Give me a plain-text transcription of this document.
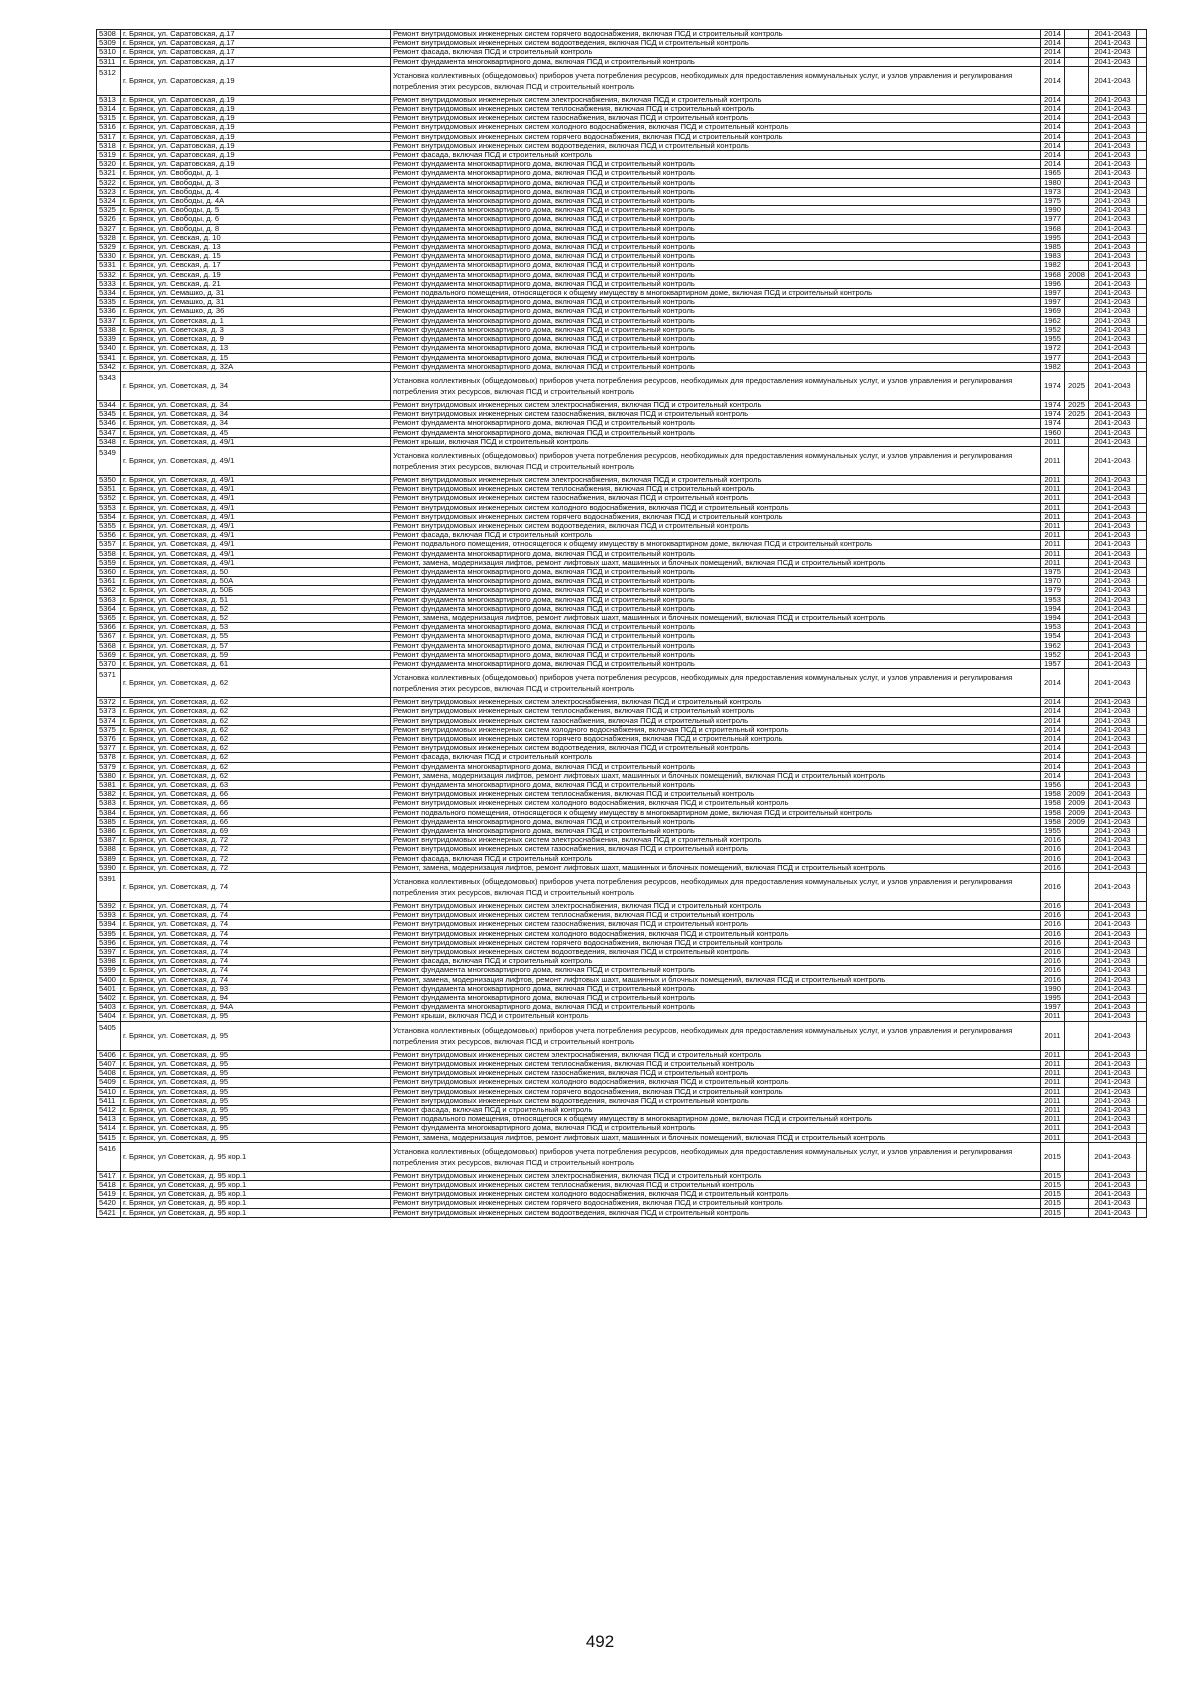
5308	г. Брянск, ул. Саратовская, д.17	Ремонт внутридомовых инженерных систем горячего водоснабжения, включая ПСД и строительный контроль	2014		2041-2043	
5309	г. Брянск, ул. Саратовская, д.17	Ремонт внутридомовых инженерных систем водоотведения, включая ПСД и строительный контроль	2014		2041-2043	
5310	г. Брянск, ул. Саратовская, д.17	Ремонт фасада, включая ПСД и строительный контроль	2014		2041-2043	
5311	г. Брянск, ул. Саратовская, д.17	Ремонт фундамента многоквартирного дома, включая ПСД и строительный контроль	2014		2041-2043	
5312	г. Брянск, ул. Саратовская, д.19	Установка коллективных (общедомовых) приборов учета потребления ресурсов, необходимых для предоставления коммунальных услуг, и узлов управления и регулирования потребления этих ресурсов, включая ПСД и строительный контроль	2014		2041-2043	
5313	г. Брянск, ул. Саратовская, д.19	Ремонт внутридомовых инженерных систем электроснабжения, включая ПСД и строительный контроль	2014		2041-2043	
5314	г. Брянск, ул. Саратовская, д.19	Ремонт внутридомовых инженерных систем теплоснабжения, включая ПСД и строительный контроль	2014		2041-2043	
5315	г. Брянск, ул. Саратовская, д.19	Ремонт внутридомовых инженерных систем газоснабжения, включая ПСД и строительный контроль	2014		2041-2043	
5316	г. Брянск, ул. Саратовская, д.19	Ремонт внутридомовых инженерных систем холодного водоснабжения, включая ПСД и строительный контроль	2014		2041-2043	
5317	г. Брянск, ул. Саратовская, д.19	Ремонт внутридомовых инженерных систем горячего водоснабжения, включая ПСД и строительный контроль	2014		2041-2043	
5318	г. Брянск, ул. Саратовская, д.19	Ремонт внутридомовых инженерных систем водоотведения, включая ПСД и строительный контроль	2014		2041-2043	
5319	г. Брянск, ул. Саратовская, д.19	Ремонт фасада, включая ПСД и строительный контроль	2014		2041-2043	
5320	г. Брянск, ул. Саратовская, д.19	Ремонт фундамента многоквартирного дома, включая ПСД и строительный контроль	2014		2041-2043	
5321	г. Брянск, ул. Свободы, д. 1	Ремонт фундамента многоквартирного дома, включая ПСД и строительный контроль	1965		2041-2043	
5322	г. Брянск, ул. Свободы, д. 3	Ремонт фундамента многоквартирного дома, включая ПСД и строительный контроль	1980		2041-2043	
5323	г. Брянск, ул. Свободы, д. 4	Ремонт фундамента многоквартирного дома, включая ПСД и строительный контроль	1973		2041-2043	
5324	г. Брянск, ул. Свободы, д. 4А	Ремонт фундамента многоквартирного дома, включая ПСД и строительный контроль	1975		2041-2043	
5325	г. Брянск, ул. Свободы, д. 5	Ремонт фундамента многоквартирного дома, включая ПСД и строительный контроль	1990		2041-2043	
5326	г. Брянск, ул. Свободы, д. 6	Ремонт фундамента многоквартирного дома, включая ПСД и строительный контроль	1977		2041-2043	
5327	г. Брянск, ул. Свободы, д. 8	Ремонт фундамента многоквартирного дома, включая ПСД и строительный контроль	1968		2041-2043	
5328	г. Брянск, ул. Севская, д. 10	Ремонт фундамента многоквартирного дома, включая ПСД и строительный контроль	1995		2041-2043	
5329	г. Брянск, ул. Севская, д. 13	Ремонт фундамента многоквартирного дома, включая ПСД и строительный контроль	1985		2041-2043	
5330	г. Брянск, ул. Севская, д. 15	Ремонт фундамента многоквартирного дома, включая ПСД и строительный контроль	1983		2041-2043	
5331	г. Брянск, ул. Севская, д. 17	Ремонт фундамента многоквартирного дома, включая ПСД и строительный контроль	1982		2041-2043	
5332	г. Брянск, ул. Севская, д. 19	Ремонт фундамента многоквартирного дома, включая ПСД и строительный контроль	1968	2008	2041-2043	
5333	г. Брянск, ул. Севская, д. 21	Ремонт фундамента многоквартирного дома, включая ПСД и строительный контроль	1996		2041-2043	
5334	г. Брянск, ул. Семашко, д. 31	Ремонт подвального помещения, относящегося к общему имуществу в многоквартирном доме, включая ПСД и строительный контроль	1997		2041-2043	
5335	г. Брянск, ул. Семашко, д. 31	Ремонт фундамента многоквартирного дома, включая ПСД и строительный контроль	1997		2041-2043	
5336	г. Брянск, ул. Семашко, д. 36	Ремонт фундамента многоквартирного дома, включая ПСД и строительный контроль	1969		2041-2043	
5337	г. Брянск, ул. Советская, д. 1	Ремонт фундамента многоквартирного дома, включая ПСД и строительный контроль	1962		2041-2043	
5338	г. Брянск, ул. Советская, д. 3	Ремонт фундамента многоквартирного дома, включая ПСД и строительный контроль	1952		2041-2043	
5339	г. Брянск, ул. Советская, д. 9	Ремонт фундамента многоквартирного дома, включая ПСД и строительный контроль	1955		2041-2043	
5340	г. Брянск, ул. Советская, д. 13	Ремонт фундамента многоквартирного дома, включая ПСД и строительный контроль	1972		2041-2043	
5341	г. Брянск, ул. Советская, д. 15	Ремонт фундамента многоквартирного дома, включая ПСД и строительный контроль	1977		2041-2043	
5342	г. Брянск, ул. Советская, д. 32А	Ремонт фундамента многоквартирного дома, включая ПСД и строительный контроль	1982		2041-2043	
5343	г. Брянск, ул. Советская, д. 34	Установка коллективных (общедомовых) приборов учета потребления ресурсов, необходимых для предоставления коммунальных услуг, и узлов управления и регулирования потребления этих ресурсов, включая ПСД и строительный контроль	1974	2025	2041-2043	
5344	г. Брянск, ул. Советская, д. 34	Ремонт внутридомовых инженерных систем электроснабжения, включая ПСД и строительный контроль	1974	2025	2041-2043	
5345	г. Брянск, ул. Советская, д. 34	Ремонт внутридомовых инженерных систем газоснабжения, включая ПСД и строительный контроль	1974	2025	2041-2043	
5346	г. Брянск, ул. Советская, д. 34	Ремонт фундамента многоквартирного дома, включая ПСД и строительный контроль	1974		2041-2043	
5347	г. Брянск, ул. Советская, д. 45	Ремонт фундамента многоквартирного дома, включая ПСД и строительный контроль	1960		2041-2043	
5348	г. Брянск, ул. Советская, д. 49/1	Ремонт крыши, включая ПСД и строительный контроль	2011		2041-2043	
5349	г. Брянск, ул. Советская, д. 49/1	Установка коллективных (общедомовых) приборов учета потребления ресурсов, необходимых для предоставления коммунальных услуг, и узлов управления и регулирования потребления этих ресурсов, включая ПСД и строительный контроль	2011		2041-2043	
5350	г. Брянск, ул. Советская, д. 49/1	Ремонт внутридомовых инженерных систем электроснабжения, включая ПСД и строительный контроль	2011		2041-2043	
5351	г. Брянск, ул. Советская, д. 49/1	Ремонт внутридомовых инженерных систем теплоснабжения, включая ПСД и строительный контроль	2011		2041-2043	
5352	г. Брянск, ул. Советская, д. 49/1	Ремонт внутридомовых инженерных систем газоснабжения, включая ПСД и строительный контроль	2011		2041-2043	
5353	г. Брянск, ул. Советская, д. 49/1	Ремонт внутридомовых инженерных систем холодного водоснабжения, включая ПСД и строительный контроль	2011		2041-2043	
5354	г. Брянск, ул. Советская, д. 49/1	Ремонт внутридомовых инженерных систем горячего водоснабжения, включая ПСД и строительный контроль	2011		2041-2043	
5355	г. Брянск, ул. Советская, д. 49/1	Ремонт внутридомовых инженерных систем водоотведения, включая ПСД и строительный контроль	2011		2041-2043	
5356	г. Брянск, ул. Советская, д. 49/1	Ремонт фасада, включая ПСД и строительный контроль	2011		2041-2043	
5357	г. Брянск, ул. Советская, д. 49/1	Ремонт подвального помещения, относящегося к общему имуществу в многоквартирном доме, включая ПСД и строительный контроль	2011		2041-2043	
5358	г. Брянск, ул. Советская, д. 49/1	Ремонт фундамента многоквартирного дома, включая ПСД и строительный контроль	2011		2041-2043	
5359	г. Брянск, ул. Советская, д. 49/1	Ремонт, замена, модернизация лифтов, ремонт лифтовых шахт, машинных и блочных помещений, включая ПСД и строительный контроль	2011		2041-2043	
5360	г. Брянск, ул. Советская, д. 50	Ремонт фундамента многоквартирного дома, включая ПСД и строительный контроль	1975		2041-2043	
5361	г. Брянск, ул. Советская, д. 50А	Ремонт фундамента многоквартирного дома, включая ПСД и строительный контроль	1970		2041-2043	
5362	г. Брянск, ул. Советская, д. 50Б	Ремонт фундамента многоквартирного дома, включая ПСД и строительный контроль	1979		2041-2043	
5363	г. Брянск, ул. Советская, д. 51	Ремонт фундамента многоквартирного дома, включая ПСД и строительный контроль	1953		2041-2043	
5364	г. Брянск, ул. Советская, д. 52	Ремонт фундамента многоквартирного дома, включая ПСД и строительный контроль	1994		2041-2043	
5365	г. Брянск, ул. Советская, д. 52	Ремонт, замена, модернизация лифтов, ремонт лифтовых шахт, машинных и блочных помещений, включая ПСД и строительный контроль	1994		2041-2043	
5366	г. Брянск, ул. Советская, д. 53	Ремонт фундамента многоквартирного дома, включая ПСД и строительный контроль	1953		2041-2043	
5367	г. Брянск, ул. Советская, д. 55	Ремонт фундамента многоквартирного дома, включая ПСД и строительный контроль	1954		2041-2043	
5368	г. Брянск, ул. Советская, д. 57	Ремонт фундамента многоквартирного дома, включая ПСД и строительный контроль	1962		2041-2043	
5369	г. Брянск, ул. Советская, д. 59	Ремонт фундамента многоквартирного дома, включая ПСД и строительный контроль	1952		2041-2043	
5370	г. Брянск, ул. Советская, д. 61	Ремонт фундамента многоквартирного дома, включая ПСД и строительный контроль	1957		2041-2043	
5371	г. Брянск, ул. Советская, д. 62	Установка коллективных (общедомовых) приборов учета потребления ресурсов, необходимых для предоставления коммунальных услуг, и узлов управления и регулирования потребления этих ресурсов, включая ПСД и строительный контроль	2014		2041-2043	
5372	г. Брянск, ул. Советская, д. 62	Ремонт внутридомовых инженерных систем электроснабжения, включая ПСД и строительный контроль	2014		2041-2043	
5373	г. Брянск, ул. Советская, д. 62	Ремонт внутридомовых инженерных систем теплоснабжения, включая ПСД и строительный контроль	2014		2041-2043	
5374	г. Брянск, ул. Советская, д. 62	Ремонт внутридомовых инженерных систем газоснабжения, включая ПСД и строительный контроль	2014		2041-2043	
5375	г. Брянск, ул. Советская, д. 62	Ремонт внутридомовых инженерных систем холодного водоснабжения, включая ПСД и строительный контроль	2014		2041-2043	
5376	г. Брянск, ул. Советская, д. 62	Ремонт внутридомовых инженерных систем горячего водоснабжения, включая ПСД и строительный контроль	2014		2041-2043	
5377	г. Брянск, ул. Советская, д. 62	Ремонт внутридомовых инженерных систем водоотведения, включая ПСД и строительный контроль	2014		2041-2043	
5378	г. Брянск, ул. Советская, д. 62	Ремонт фасада, включая ПСД и строительный контроль	2014		2041-2043	
5379	г. Брянск, ул. Советская, д. 62	Ремонт фундамента многоквартирного дома, включая ПСД и строительный контроль	2014		2041-2043	
5380	г. Брянск, ул. Советская, д. 62	Ремонт, замена, модернизация лифтов, ремонт лифтовых шахт, машинных и блочных помещений, включая ПСД и строительный контроль	2014		2041-2043	
5381	г. Брянск, ул. Советская, д. 63	Ремонт фундамента многоквартирного дома, включая ПСД и строительный контроль	1956		2041-2043	
5382	г. Брянск, ул. Советская, д. 66	Ремонт внутридомовых инженерных систем теплоснабжения, включая ПСД и строительный контроль	1958	2009	2041-2043	
5383	г. Брянск, ул. Советская, д. 66	Ремонт внутридомовых инженерных систем холодного водоснабжения, включая ПСД и строительный контроль	1958	2009	2041-2043	
5384	г. Брянск, ул. Советская, д. 66	Ремонт подвального помещения, относящегося к общему имуществу в многоквартирном доме, включая ПСД и строительный контроль	1958	2009	2041-2043	
5385	г. Брянск, ул. Советская, д. 66	Ремонт фундамента многоквартирного дома, включая ПСД и строительный контроль	1958	2009	2041-2043	
5386	г. Брянск, ул. Советская, д. 69	Ремонт фундамента многоквартирного дома, включая ПСД и строительный контроль	1955		2041-2043	
5387	г. Брянск, ул. Советская, д. 72	Ремонт внутридомовых инженерных систем электроснабжения, включая ПСД и строительный контроль	2016		2041-2043	
5388	г. Брянск, ул. Советская, д. 72	Ремонт внутридомовых инженерных систем газоснабжения, включая ПСД и строительный контроль	2016		2041-2043	
5389	г. Брянск, ул. Советская, д. 72	Ремонт фасада, включая ПСД и строительный контроль	2016		2041-2043	
5390	г. Брянск, ул. Советская, д. 72	Ремонт, замена, модернизация лифтов, ремонт лифтовых шахт, машинных и блочных помещений, включая ПСД и строительный контроль	2016		2041-2043	
5391	г. Брянск, ул. Советская, д. 74	Установка коллективных (общедомовых) приборов учета потребления ресурсов, необходимых для предоставления коммунальных услуг, и узлов управления и регулирования потребления этих ресурсов, включая ПСД и строительный контроль	2016		2041-2043	
5392	г. Брянск, ул. Советская, д. 74	Ремонт внутридомовых инженерных систем электроснабжения, включая ПСД и строительный контроль	2016		2041-2043	
5393	г. Брянск, ул. Советская, д. 74	Ремонт внутридомовых инженерных систем теплоснабжения, включая ПСД и строительный контроль	2016		2041-2043	
5394	г. Брянск, ул. Советская, д. 74	Ремонт внутридомовых инженерных систем газоснабжения, включая ПСД и строительный контроль	2016		2041-2043	
5395	г. Брянск, ул. Советская, д. 74	Ремонт внутридомовых инженерных систем холодного водоснабжения, включая ПСД и строительный контроль	2016		2041-2043	
5396	г. Брянск, ул. Советская, д. 74	Ремонт внутридомовых инженерных систем горячего водоснабжения, включая ПСД и строительный контроль	2016		2041-2043	
5397	г. Брянск, ул. Советская, д. 74	Ремонт внутридомовых инженерных систем водоотведения, включая ПСД и строительный контроль	2016		2041-2043	
5398	г. Брянск, ул. Советская, д. 74	Ремонт фасада, включая ПСД и строительный контроль	2016		2041-2043	
5399	г. Брянск, ул. Советская, д. 74	Ремонт фундамента многоквартирного дома, включая ПСД и строительный контроль	2016		2041-2043	
5400	г. Брянск, ул. Советская, д. 74	Ремонт, замена, модернизация лифтов, ремонт лифтовых шахт, машинных и блочных помещений, включая ПСД и строительный контроль	2016		2041-2043	
5401	г. Брянск, ул. Советская, д. 93	Ремонт фундамента многоквартирного дома, включая ПСД и строительный контроль	1990		2041-2043	
5402	г. Брянск, ул. Советская, д. 94	Ремонт фундамента многоквартирного дома, включая ПСД и строительный контроль	1995		2041-2043	
5403	г. Брянск, ул. Советская, д. 94А	Ремонт фундамента многоквартирного дома, включая ПСД и строительный контроль	1997		2041-2043	
5404	г. Брянск, ул. Советская, д. 95	Ремонт крыши, включая ПСД и строительный контроль	2011		2041-2043	
5405	г. Брянск, ул. Советская, д. 95	Установка коллективных (общедомовых) приборов учета потребления ресурсов, необходимых для предоставления коммунальных услуг, и узлов управления и регулирования потребления этих ресурсов, включая ПСД и строительный контроль	2011		2041-2043	
5406	г. Брянск, ул. Советская, д. 95	Ремонт внутридомовых инженерных систем электроснабжения, включая ПСД и строительный контроль	2011		2041-2043	
5407	г. Брянск, ул. Советская, д. 95	Ремонт внутридомовых инженерных систем теплоснабжения, включая ПСД и строительный контроль	2011		2041-2043	
5408	г. Брянск, ул. Советская, д. 95	Ремонт внутридомовых инженерных систем газоснабжения, включая ПСД и строительный контроль	2011		2041-2043	
5409	г. Брянск, ул. Советская, д. 95	Ремонт внутридомовых инженерных систем холодного водоснабжения, включая ПСД и строительный контроль	2011		2041-2043	
5410	г. Брянск, ул. Советская, д. 95	Ремонт внутридомовых инженерных систем горячего водоснабжения, включая ПСД и строительный контроль	2011		2041-2043	
5411	г. Брянск, ул. Советская, д. 95	Ремонт внутридомовых инженерных систем водоотведения, включая ПСД и строительный контроль	2011		2041-2043	
5412	г. Брянск, ул. Советская, д. 95	Ремонт фасада, включая ПСД и строительный контроль	2011		2041-2043	
5413	г. Брянск, ул. Советская, д. 95	Ремонт подвального помещения, относящегося к общему имуществу в многоквартирном доме, включая ПСД и строительный контроль	2011		2041-2043	
5414	г. Брянск, ул. Советская, д. 95	Ремонт фундамента многоквартирного дома, включая ПСД и строительный контроль	2011		2041-2043	
5415	г. Брянск, ул. Советская, д. 95	Ремонт, замена, модернизация лифтов, ремонт лифтовых шахт, машинных и блочных помещений, включая ПСД и строительный контроль	2011		2041-2043	
5416	г. Брянск, ул Советская, д. 95 кор.1	Установка коллективных (общедомовых) приборов учета потребления ресурсов, необходимых для предоставления коммунальных услуг, и узлов управления и регулирования потребления этих ресурсов, включая ПСД и строительный контроль	2015		2041-2043	
5417	г. Брянск, ул Советская, д. 95 кор.1	Ремонт внутридомовых инженерных систем электроснабжения, включая ПСД и строительный контроль	2015		2041-2043	
5418	г. Брянск, ул Советская, д. 95 кор.1	Ремонт внутридомовых инженерных систем теплоснабжения, включая ПСД и строительный контроль	2015		2041-2043	
5419	г. Брянск, ул Советская, д. 95 кор.1	Ремонт внутридомовых инженерных систем холодного водоснабжения, включая ПСД и строительный контроль	2015		2041-2043	
5420	г. Брянск, ул Советская, д. 95 кор.1	Ремонт внутридомовых инженерных систем горячего водоснабжения, включая ПСД и строительный контроль	2015		2041-2043	
5421	г. Брянск, ул Советская, д. 95 кор.1	Ремонт внутридомовых инженерных систем водоотведения, включая ПСД и строительный контроль	2015		2041-2043	
492
